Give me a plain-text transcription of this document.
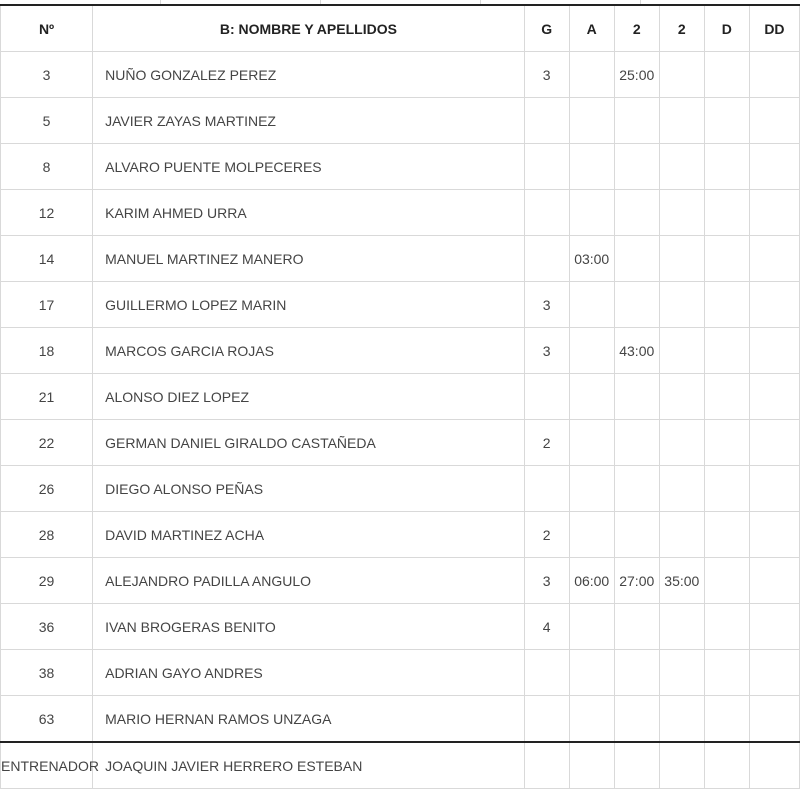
Nº	B: NOMBRE Y APELLIDOS	G	A	2	2	D	DD
3	NUÑO GONZALEZ PEREZ	3		25:00			
5	JAVIER ZAYAS MARTINEZ						
8	ALVARO PUENTE MOLPECERES						
12	KARIM AHMED URRA						
14	MANUEL MARTINEZ MANERO		03:00				
17	GUILLERMO LOPEZ MARIN	3					
18	MARCOS GARCIA ROJAS	3		43:00			
21	ALONSO DIEZ LOPEZ						
22	GERMAN DANIEL GIRALDO CASTAÑEDA	2					
26	DIEGO ALONSO PEÑAS						
28	DAVID MARTINEZ ACHA	2					
29	ALEJANDRO PADILLA ANGULO	3	06:00	27:00	35:00		
36	IVAN BROGERAS BENITO	4					
38	ADRIAN GAYO ANDRES						
63	MARIO HERNAN RAMOS UNZAGA						
ENTRENADOR	JOAQUIN JAVIER HERRERO ESTEBAN						
